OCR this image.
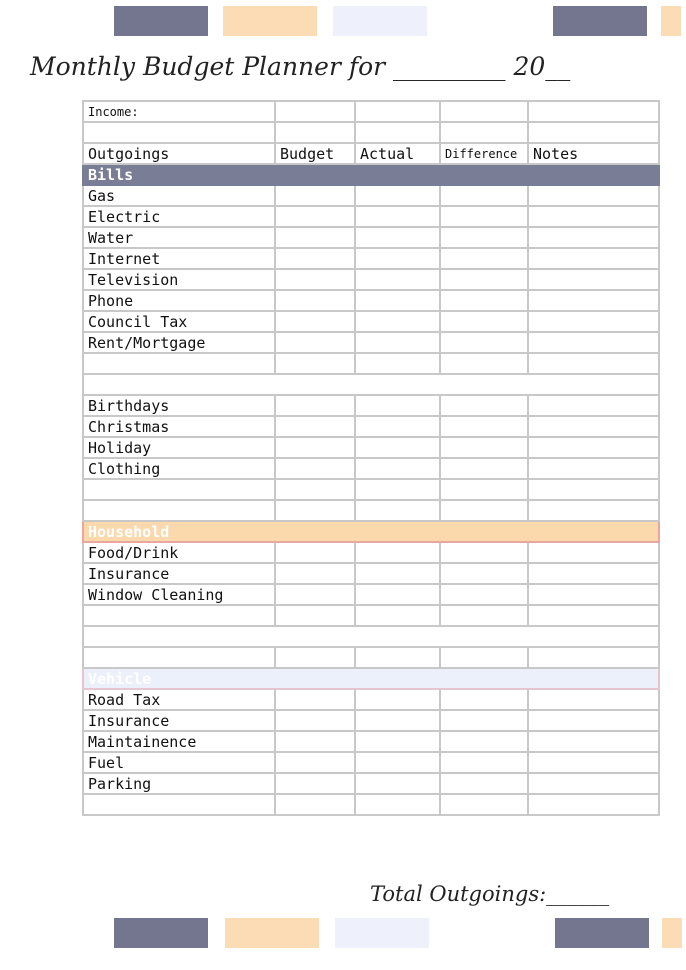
Monthly Budget Planner for _________ 20__
Income:				

Outgoings	Budget	Actual	Difference	Notes
Bills				
Gas				
Electric				
Water				
Internet				
Television				
Phone				
Council Tax				
Rent/Mortgage				

Birthdays				
Christmas				
Holiday				
Clothing				

Household				
Food/Drink				
Insurance				
Window Cleaning				

Vehicle				
Road Tax				
Insurance				
Maintainence				
Fuel				
Parking				

Total Outgoings:______
